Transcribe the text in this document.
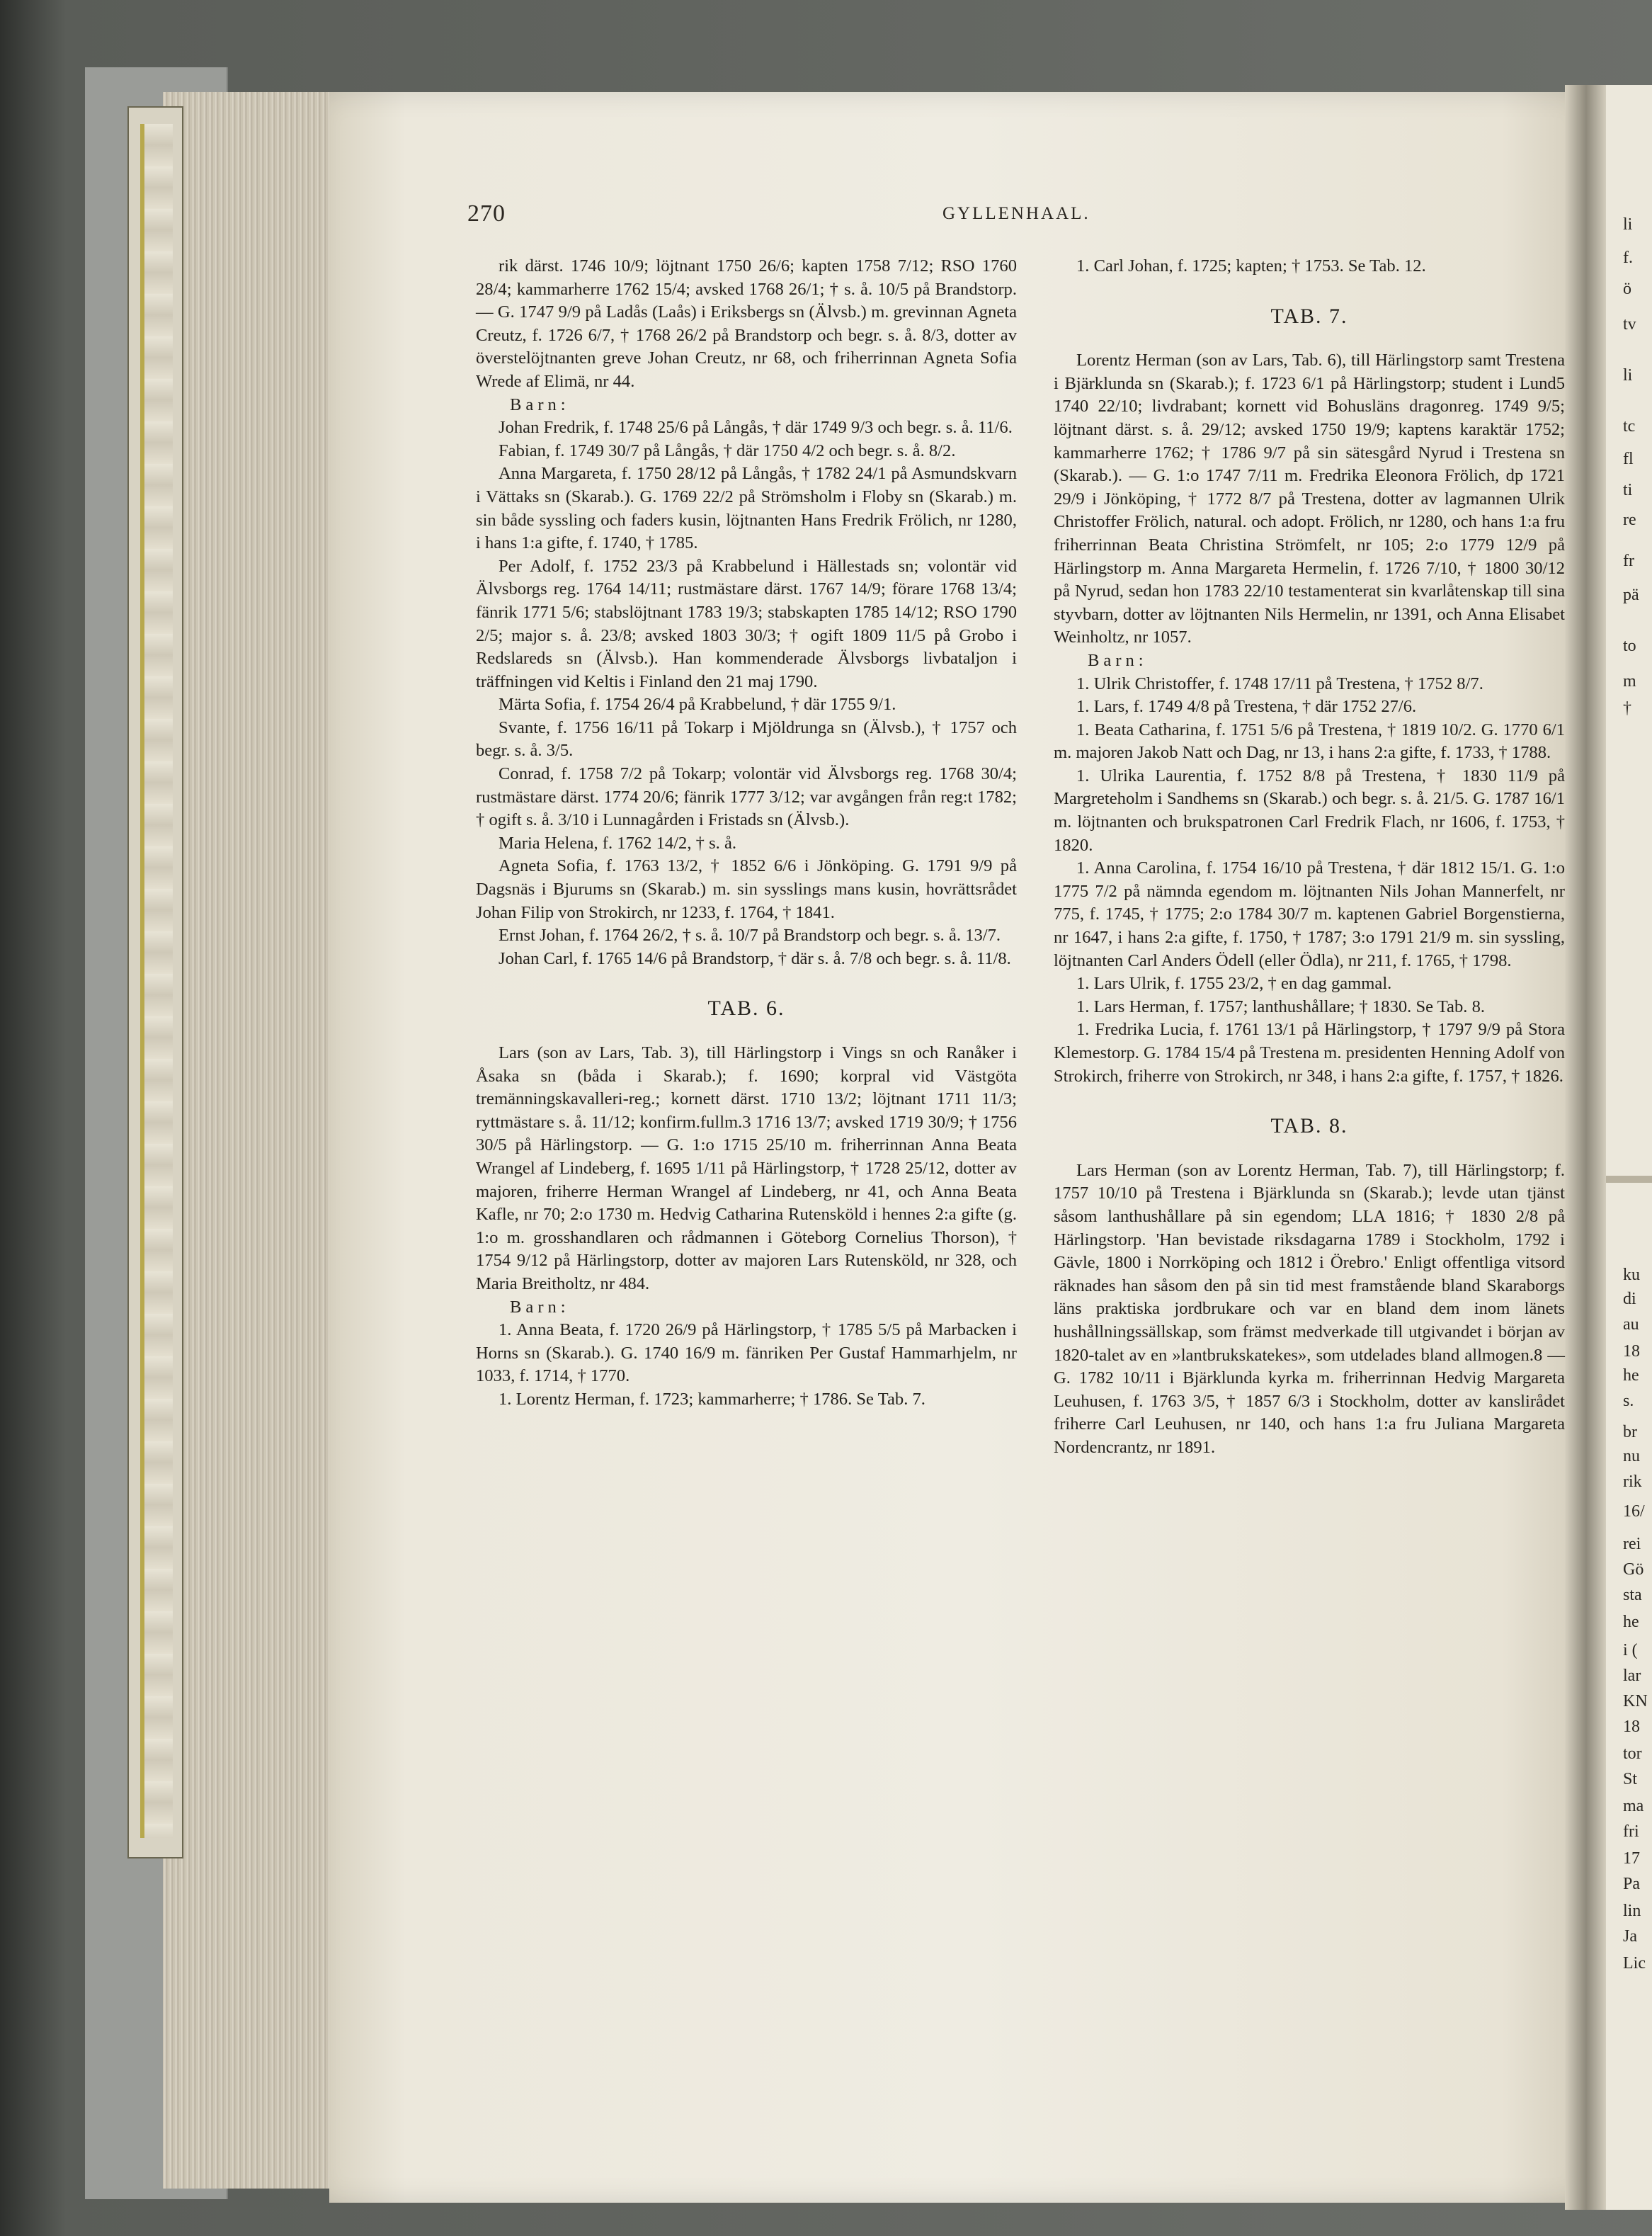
li
f.
ö
tv
li
tc
fl
ti
re
fr
pä
to
m
†
ku
di
au
18
he
s.
br
nu
rik
16/
rei
Gö
sta
he
i (
lar
KN
18
tor
St
ma
fri
17
Pa
lin
Ja
Lic
270	GYLLENHAAL.

rik därst. 1746 10/9; löjtnant 1750 26/6; kapten 1758 7/12; RSO 1760 28/4; kammarherre 1762 15/4; avsked 1768 26/1; † s. å. 10/5 på Brandstorp. — G. 1747 9/9 på Ladås (Laås) i Eriksbergs sn (Älvsb.) m. grevinnan Agneta Creutz, f. 1726 6/7, † 1768 26/2 på Brandstorp och begr. s. å. 8/3, dotter av överstelöjtnanten greve Johan Creutz, nr 68, och friherrinnan Agneta Sofia Wrede af Elimä, nr 44.

Barn:

Johan Fredrik, f. 1748 25/6 på Långås, † där 1749 9/3 och begr. s. å. 11/6.

Fabian, f. 1749 30/7 på Långås, † där 1750 4/2 och begr. s. å. 8/2.

Anna Margareta, f. 1750 28/12 på Långås, † 1782 24/1 på Asmundskvarn i Vättaks sn (Skarab.). G. 1769 22/2 på Strömsholm i Floby sn (Skarab.) m. sin både syssling och faders kusin, löjtnanten Hans Fredrik Frölich, nr 1280, i hans 1:a gifte, f. 1740, † 1785.

Per Adolf, f. 1752 23/3 på Krabbelund i Hällestads sn; volontär vid Älvsborgs reg. 1764 14/11; rustmästare därst. 1767 14/9; förare 1768 13/4; fänrik 1771 5/6; stabslöjtnant 1783 19/3; stabskapten 1785 14/12; RSO 1790 2/5; major s. å. 23/8; avsked 1803 30/3; † ogift 1809 11/5 på Grobo i Redslareds sn (Älvsb.). Han kommenderade Älvsborgs livbataljon i träffningen vid Keltis i Finland den 21 maj 1790.

Märta Sofia, f. 1754 26/4 på Krabbelund, † där 1755 9/1.

Svante, f. 1756 16/11 på Tokarp i Mjöldrunga sn (Älvsb.), † 1757 och begr. s. å. 3/5.

Conrad, f. 1758 7/2 på Tokarp; volontär vid Älvsborgs reg. 1768 30/4; rustmästare därst. 1774 20/6; fänrik 1777 3/12; var avgången från reg:t 1782; † ogift s. å. 3/10 i Lunnagården i Fristads sn (Älvsb.).

Maria Helena, f. 1762 14/2, † s. å.

Agneta Sofia, f. 1763 13/2, † 1852 6/6 i Jönköping. G. 1791 9/9 på Dagsnäs i Bjurums sn (Skarab.) m. sin sysslings mans kusin, hovrättsrådet Johan Filip von Strokirch, nr 1233, f. 1764, † 1841.

Ernst Johan, f. 1764 26/2, † s. å. 10/7 på Brandstorp och begr. s. å. 13/7.

Johan Carl, f. 1765 14/6 på Brandstorp, † där s. å. 7/8 och begr. s. å. 11/8.

TAB. 6.

Lars (son av Lars, Tab. 3), till Härlingstorp i Vings sn och Ranåker i Åsaka sn (båda i Skarab.); f. 1690; korpral vid Västgöta tremänningskavalleri-reg.; kornett därst. 1710 13/2; löjtnant 1711 11/3; ryttmästare s. å. 11/12; konfirm.fullm.3 1716 13/7; avsked 1719 30/9; † 1756 30/5 på Härlingstorp. — G. 1:o 1715 25/10 m. friherrinnan Anna Beata Wrangel af Lindeberg, f. 1695 1/11 på Härlingstorp, † 1728 25/12, dotter av majoren, friherre Herman Wrangel af Lindeberg, nr 41, och Anna Beata Kafle, nr 70; 2:o 1730 m. Hedvig Catharina Rutensköld i hennes 2:a gifte (g. 1:o m. grosshandlaren och rådmannen i Göteborg Cornelius Thorson), † 1754 9/12 på Härlingstorp, dotter av majoren Lars Rutensköld, nr 328, och Maria Breitholtz, nr 484.

Barn:

1. Anna Beata, f. 1720 26/9 på Härlingstorp, † 1785 5/5 på Marbacken i Horns sn (Skarab.). G. 1740 16/9 m. fänriken Per Gustaf Hammarhjelm, nr 1033, f. 1714, † 1770.

1. Lorentz Herman, f. 1723; kammarherre; † 1786. Se Tab. 7.

1. Carl Johan, f. 1725; kapten; † 1753. Se Tab. 12.

TAB. 7.

Lorentz Herman (son av Lars, Tab. 6), till Härlingstorp samt Trestena i Bjärklunda sn (Skarab.); f. 1723 6/1 på Härlingstorp; student i Lund5 1740 22/10; livdrabant; kornett vid Bohusläns dragonreg. 1749 9/5; löjtnant därst. s. å. 29/12; avsked 1750 19/9; kaptens karaktär 1752; kammarherre 1762; † 1786 9/7 på sin sätesgård Nyrud i Trestena sn (Skarab.). — G. 1:o 1747 7/11 m. Fredrika Eleonora Frölich, dp 1721 29/9 i Jönköping, † 1772 8/7 på Trestena, dotter av lagmannen Ulrik Christoffer Frölich, natural. och adopt. Frölich, nr 1280, och hans 1:a fru friherrinnan Beata Christina Strömfelt, nr 105; 2:o 1779 12/9 på Härlingstorp m. Anna Margareta Hermelin, f. 1726 7/10, † 1800 30/12 på Nyrud, sedan hon 1783 22/10 testamenterat sin kvarlåtenskap till sina styvbarn, dotter av löjtnanten Nils Hermelin, nr 1391, och Anna Elisabet Weinholtz, nr 1057.

Barn:

1. Ulrik Christoffer, f. 1748 17/11 på Trestena, † 1752 8/7.

1. Lars, f. 1749 4/8 på Trestena, † där 1752 27/6.

1. Beata Catharina, f. 1751 5/6 på Trestena, † 1819 10/2. G. 1770 6/1 m. majoren Jakob Natt och Dag, nr 13, i hans 2:a gifte, f. 1733, † 1788.

1. Ulrika Laurentia, f. 1752 8/8 på Trestena, † 1830 11/9 på Margreteholm i Sandhems sn (Skarab.) och begr. s. å. 21/5. G. 1787 16/1 m. löjtnanten och brukspatronen Carl Fredrik Flach, nr 1606, f. 1753, † 1820.

1. Anna Carolina, f. 1754 16/10 på Trestena, † där 1812 15/1. G. 1:o 1775 7/2 på nämnda egendom m. löjtnanten Nils Johan Mannerfelt, nr 775, f. 1745, † 1775; 2:o 1784 30/7 m. kaptenen Gabriel Borgenstierna, nr 1647, i hans 2:a gifte, f. 1750, † 1787; 3:o 1791 21/9 m. sin syssling, löjtnanten Carl Anders Ödell (eller Ödla), nr 211, f. 1765, † 1798.

1. Lars Ulrik, f. 1755 23/2, † en dag gammal.

1. Lars Herman, f. 1757; lanthushållare; † 1830. Se Tab. 8.

1. Fredrika Lucia, f. 1761 13/1 på Härlingstorp, † 1797 9/9 på Stora Klemestorp. G. 1784 15/4 på Trestena m. presidenten Henning Adolf von Strokirch, friherre von Strokirch, nr 348, i hans 2:a gifte, f. 1757, † 1826.

TAB. 8.

Lars Herman (son av Lorentz Herman, Tab. 7), till Härlingstorp; f. 1757 10/10 på Trestena i Bjärklunda sn (Skarab.); levde utan tjänst såsom lanthushållare på sin egendom; LLA 1816; † 1830 2/8 på Härlingstorp. 'Han bevistade riksdagarna 1789 i Stockholm, 1792 i Gävle, 1800 i Norrköping och 1812 i Örebro.' Enligt offentliga vitsord räknades han såsom den på sin tid mest framstående bland Skaraborgs läns praktiska jordbrukare och var en bland dem inom länets hushållningssällskap, som främst medverkade till utgivandet i början av 1820-talet av en »lantbrukskatekes», som utdelades bland allmogen.8 — G. 1782 10/11 i Bjärklunda kyrka m. friherrinnan Hedvig Margareta Leuhusen, f. 1763 3/5, † 1857 6/3 i Stockholm, dotter av kanslirådet friherre Carl Leuhusen, nr 140, och hans 1:a fru Juliana Margareta Nordencrantz, nr 1891.
